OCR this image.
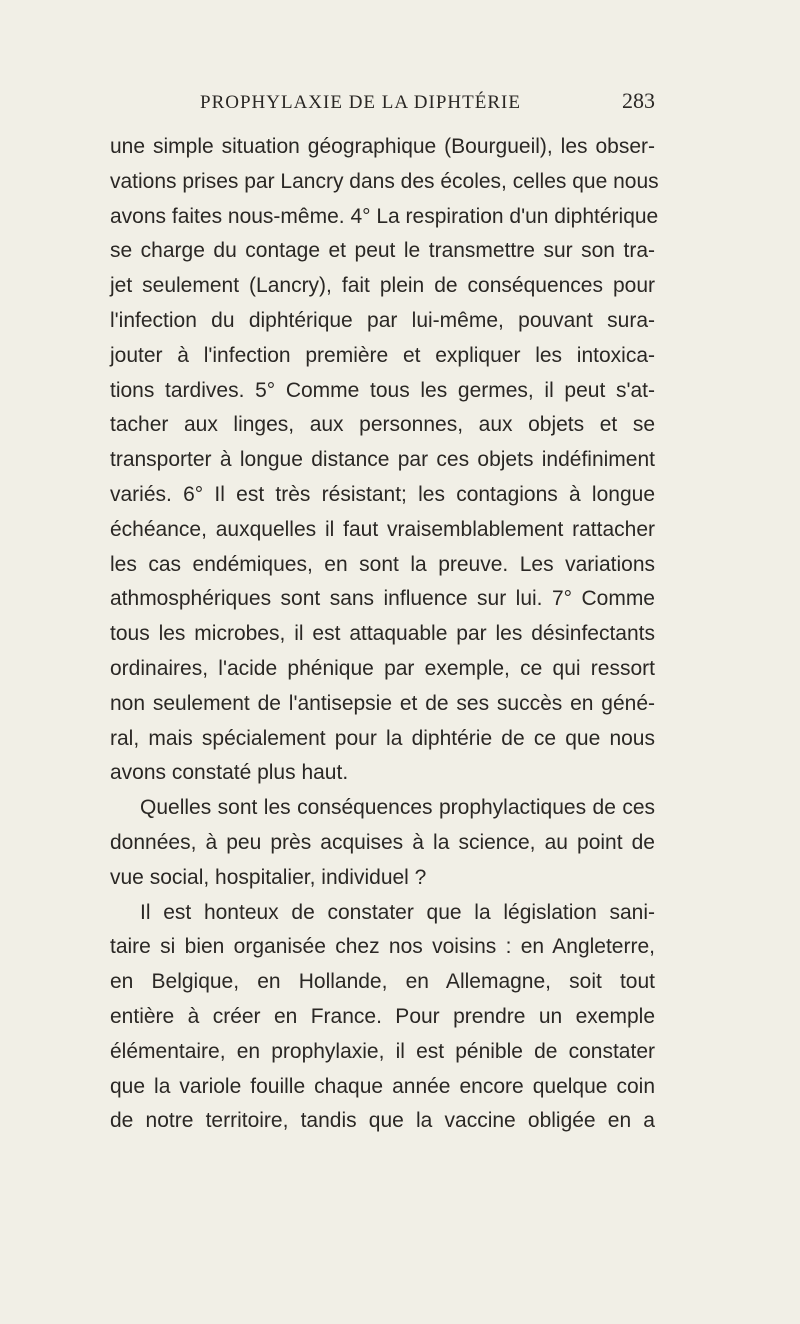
PROPHYLAXIE DE LA DIPHTÉRIE	283
une simple situation géographique (Bourgueil), les obser-
vations prises par Lancry dans des écoles, celles que nous
avons faites nous-même. 4° La respiration d'un diphtérique
se charge du contage et peut le transmettre sur son tra-
jet seulement (Lancry), fait plein de conséquences pour
l'infection du diphtérique par lui-même, pouvant sura-
jouter à l'infection première et expliquer les intoxica-
tions tardives. 5° Comme tous les germes, il peut s'at-
tacher aux linges, aux personnes, aux objets et se
transporter à longue distance par ces objets indéfiniment
variés. 6° Il est très résistant; les contagions à longue
échéance, auxquelles il faut vraisemblablement rattacher
les cas endémiques, en sont la preuve. Les variations
athmosphériques sont sans influence sur lui. 7° Comme
tous les microbes, il est attaquable par les désinfectants
ordinaires, l'acide phénique par exemple, ce qui ressort
non seulement de l'antisepsie et de ses succès en géné-
ral, mais spécialement pour la diphtérie de ce que nous
avons constaté plus haut.
Quelles sont les conséquences prophylactiques de ces
données, à peu près acquises à la science, au point de
vue social, hospitalier, individuel ?
Il est honteux de constater que la législation sani-
taire si bien organisée chez nos voisins : en Angleterre,
en Belgique, en Hollande, en Allemagne, soit tout
entière à créer en France. Pour prendre un exemple
élémentaire, en prophylaxie, il est pénible de constater
que la variole fouille chaque année encore quelque coin
de notre territoire, tandis que la vaccine obligée en a
